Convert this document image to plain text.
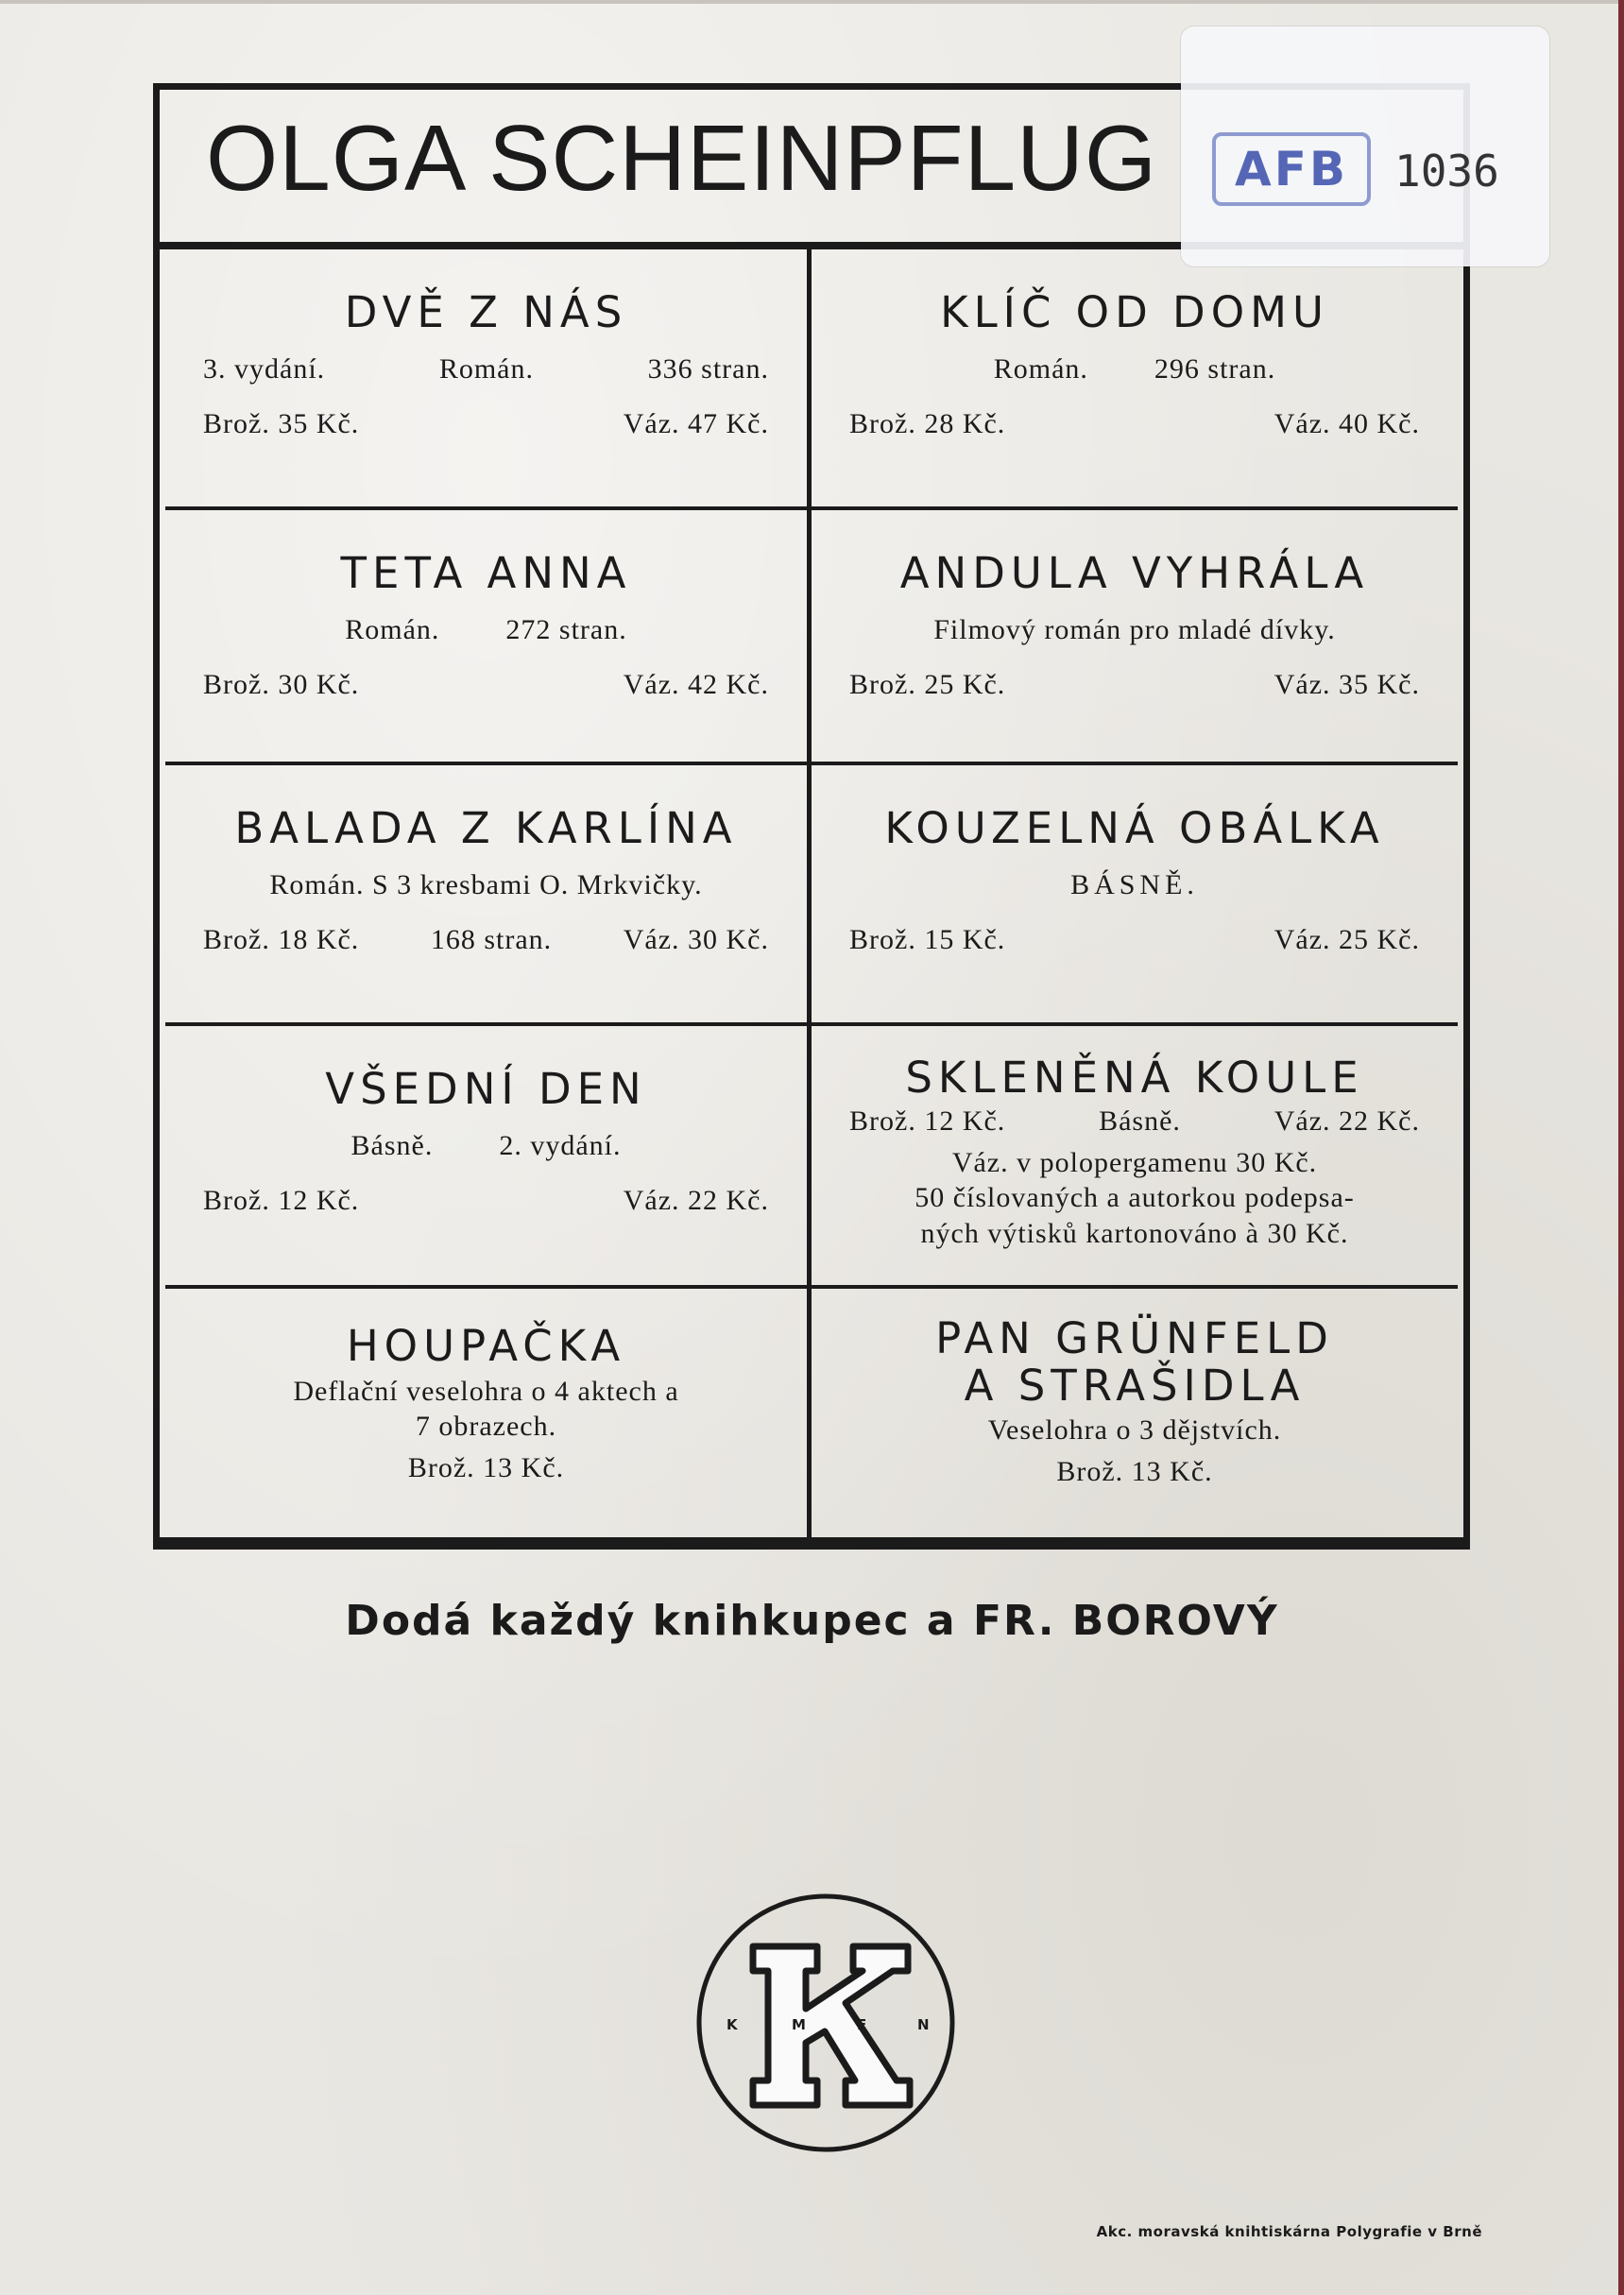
OLGA SCHEINPFLUG
DVĚ Z NÁS
3. vydání.	Román.	336 stran.
Brož. 35 Kč.	Váz. 47 Kč.
KLÍČ OD DOMU
Román. 296 stran.
Brož. 28 Kč.	Váz. 40 Kč.
TETA ANNA
Román. 272 stran.
Brož. 30 Kč.	Váz. 42 Kč.
ANDULA VYHRÁLA
Filmový román pro mladé dívky.
Brož. 25 Kč.	Váz. 35 Kč.
BALADA Z KARLÍNA
Román. S 3 kresbami O. Mrkvičky.
Brož. 18 Kč.	168 stran.	Váz. 30 Kč.
KOUZELNÁ OBÁLKA
BÁSNĚ.
Brož. 15 Kč.	Váz. 25 Kč.
VŠEDNÍ DEN
Básně. 2. vydání.
Brož. 12 Kč.	Váz. 22 Kč.
SKLENĚNÁ KOULE
Brož. 12 Kč.	Básně.	Váz. 22 Kč.
Váz. v polopergamenu 30 Kč.
50 číslovaných a autorkou podepsa-
ných výtisků kartonováno à 30 Kč.
HOUPAČKA
Deflační veselohra o 4 aktech a
7 obrazech.
Brož. 13 Kč.
PAN GRÜNFELD
A STRAŠIDLA
Veselohra o 3 dějstvích.
Brož. 13 Kč.
Dodá každý knihkupec a FR. BOROVÝ
AFB	1036
K	M	E	N
Akc. moravská knihtiskárna Polygrafie v Brně
